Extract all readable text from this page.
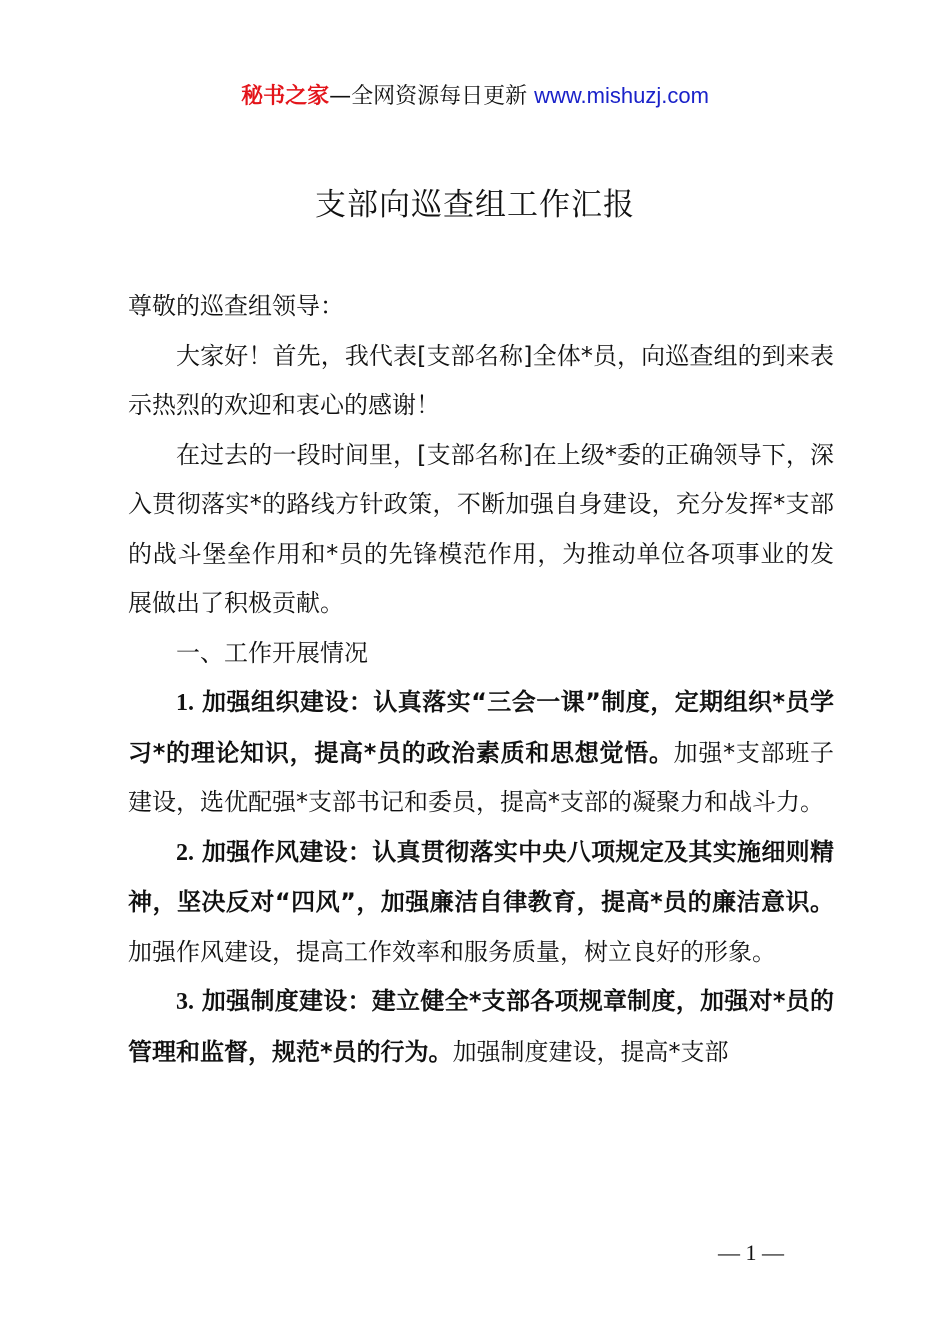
秘书之家—全网资源每日更新 www.mishuzj.com
支部向巡查组工作汇报

尊敬的巡查组领导：

大家好！首先，我代表[支部名称]全体*员，向巡查组的到来表示热烈的欢迎和衷心的感谢！

在过去的一段时间里，[支部名称]在上级*委的正确领导下，深入贯彻落实*的路线方针政策，不断加强自身建设，充分发挥*支部的战斗堡垒作用和*员的先锋模范作用，为推动单位各项事业的发展做出了积极贡献。

一、工作开展情况

1. 加强组织建设：认真落实“三会一课”制度，定期组织*员学习*的理论知识，提高*员的政治素质和思想觉悟。加强*支部班子建设，选优配强*支部书记和委员，提高*支部的凝聚力和战斗力。

2. 加强作风建设：认真贯彻落实中央八项规定及其实施细则精神，坚决反对“四风”，加强廉洁自律教育，提高*员的廉洁意识。加强作风建设，提高工作效率和服务质量，树立良好的形象。

3. 加强制度建设：建立健全*支部各项规章制度，加强对*员的管理和监督，规范*员的行为。加强制度建设，提高*支部

— 1 —
